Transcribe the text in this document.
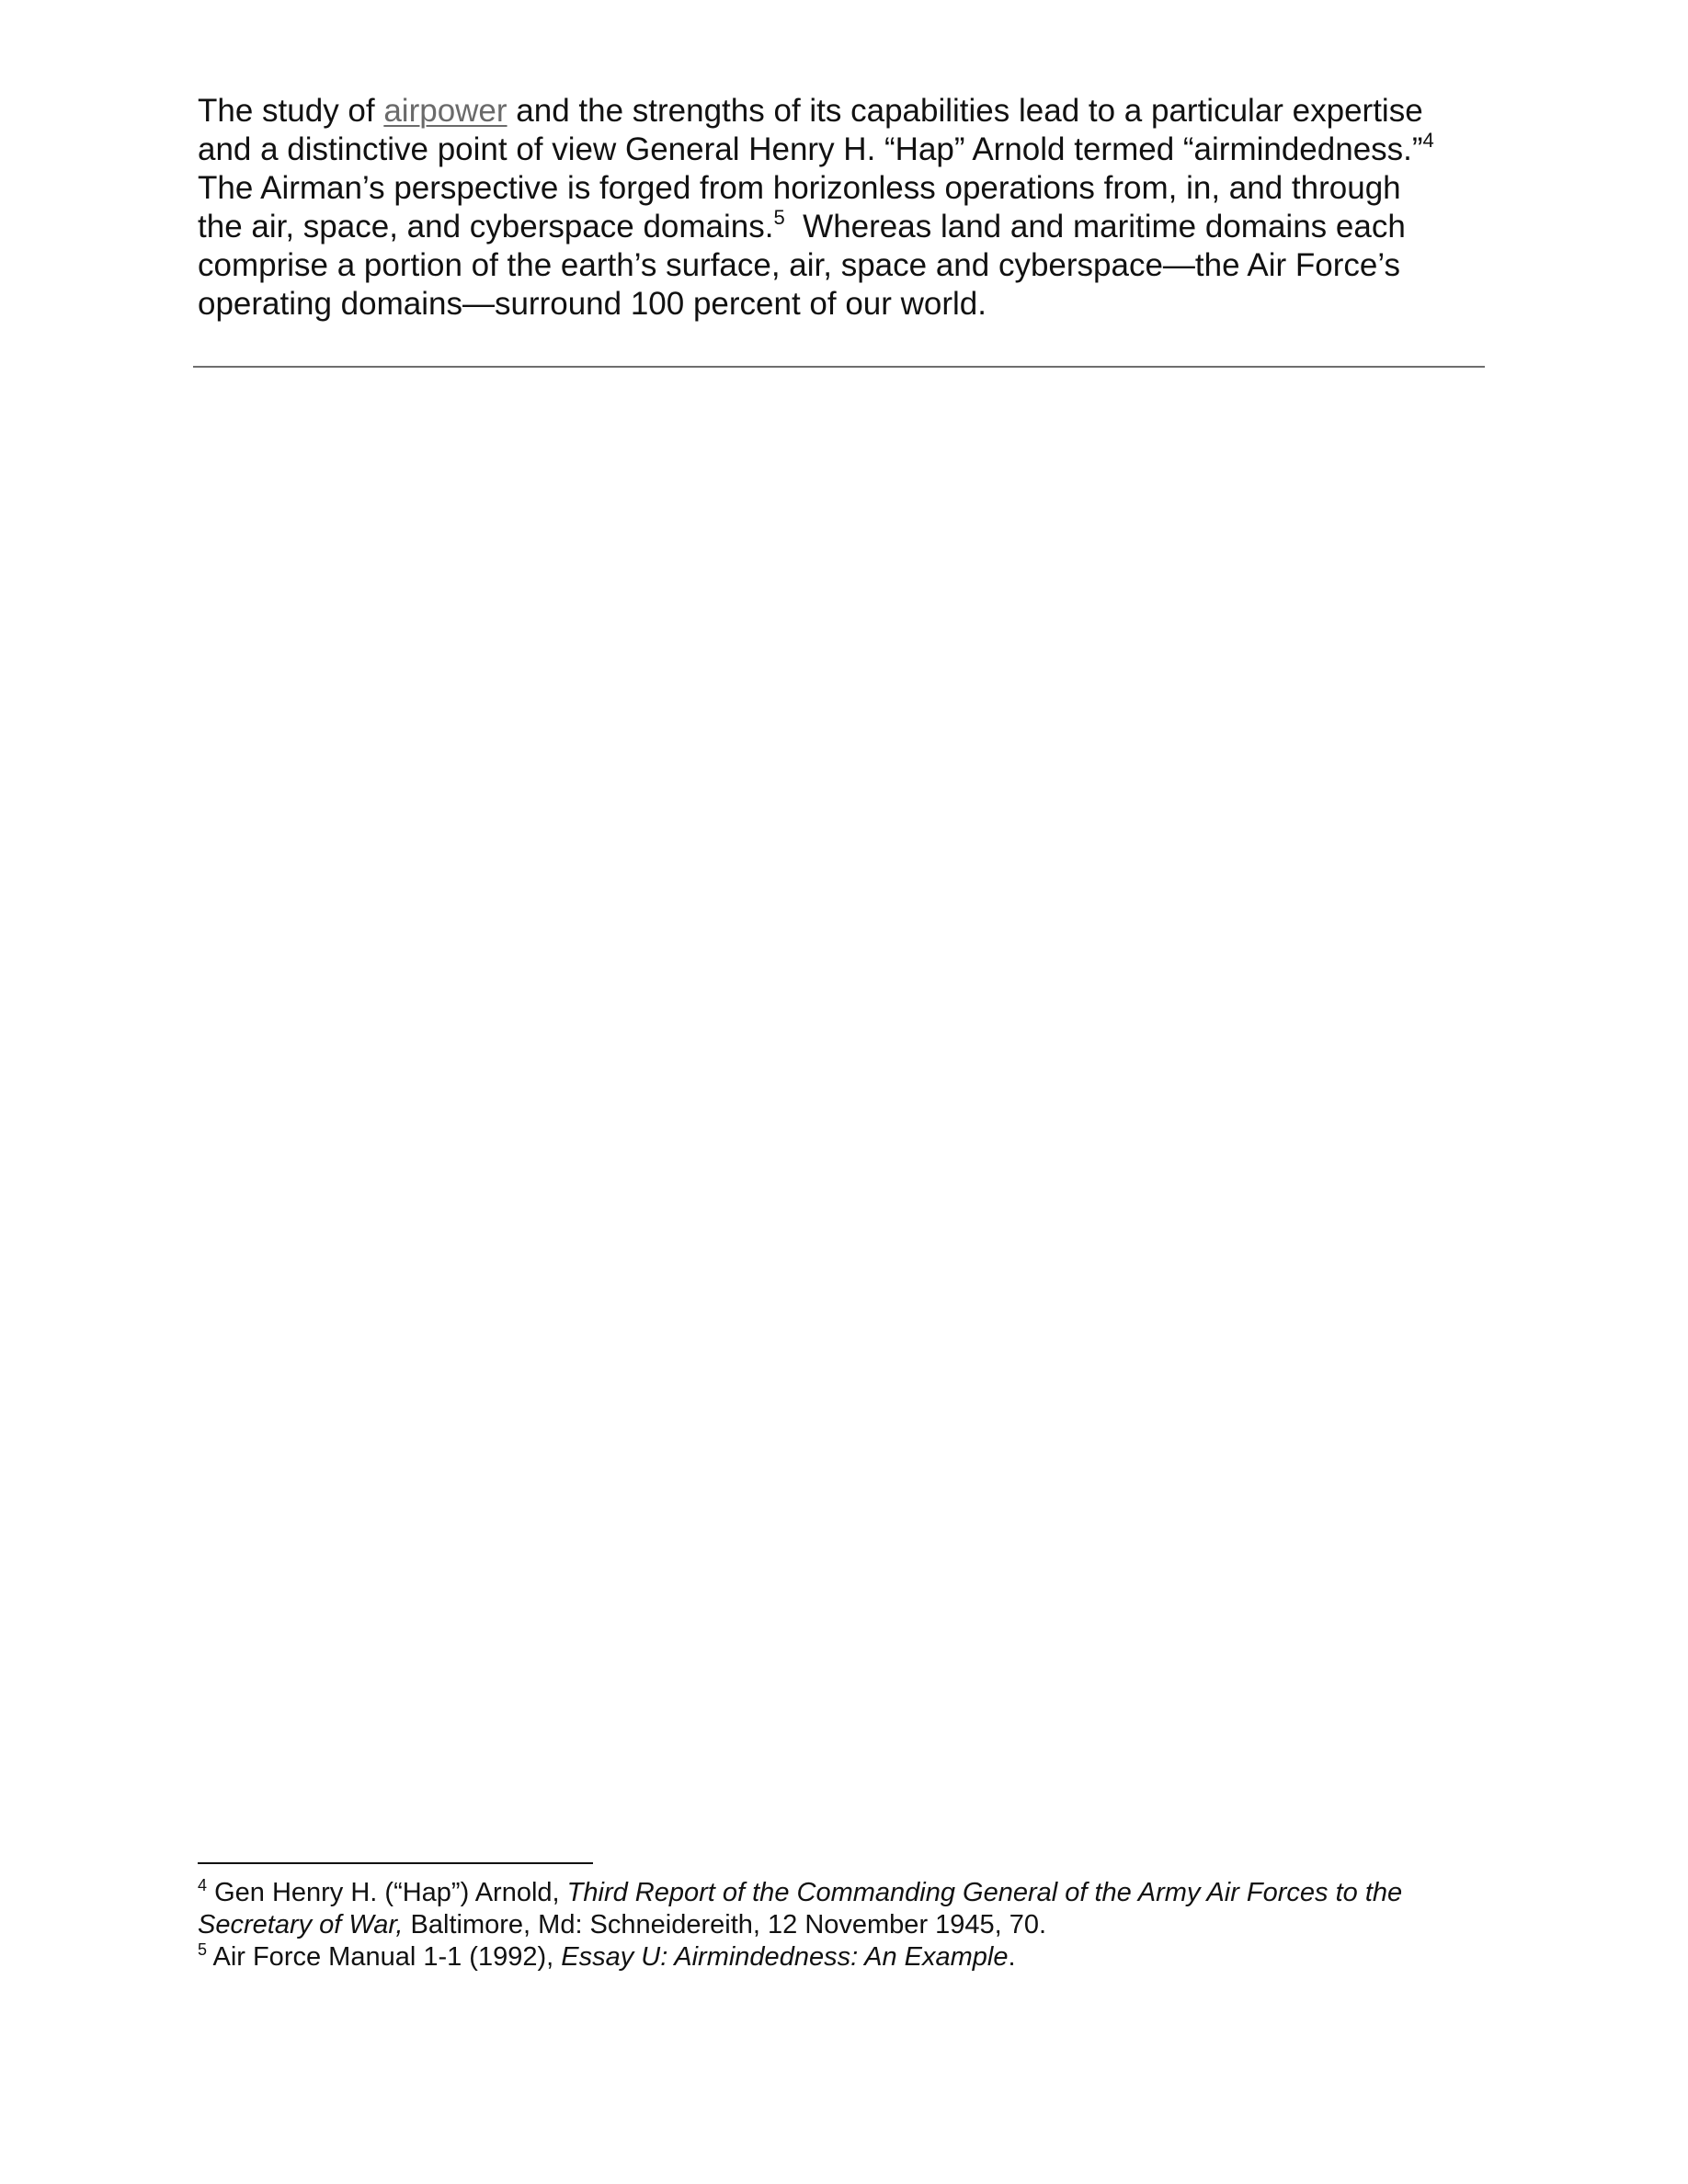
The study of airpower and the strengths of its capabilities lead to a particular expertise
and a distinctive point of view General Henry H. “Hap” Arnold termed “airmindedness.”$^4$
The Airman’s perspective is forged from horizonless operations from, in, and through
the air, space, and cyberspace domains.$^5$  Whereas land and maritime domains each
comprise a portion of the earth’s surface, air, space and cyberspace—the Air Force’s
operating domains—surround 100 percent of our world.

$^4$ Gen Henry H. (“Hap”) Arnold, Third Report of the Commanding General of the Army Air Forces to the
Secretary of War, Baltimore, Md: Schneidereith, 12 November 1945, 70.
$^5$ Air Force Manual 1-1 (1992), Essay U: Airmindedness: An Example.
